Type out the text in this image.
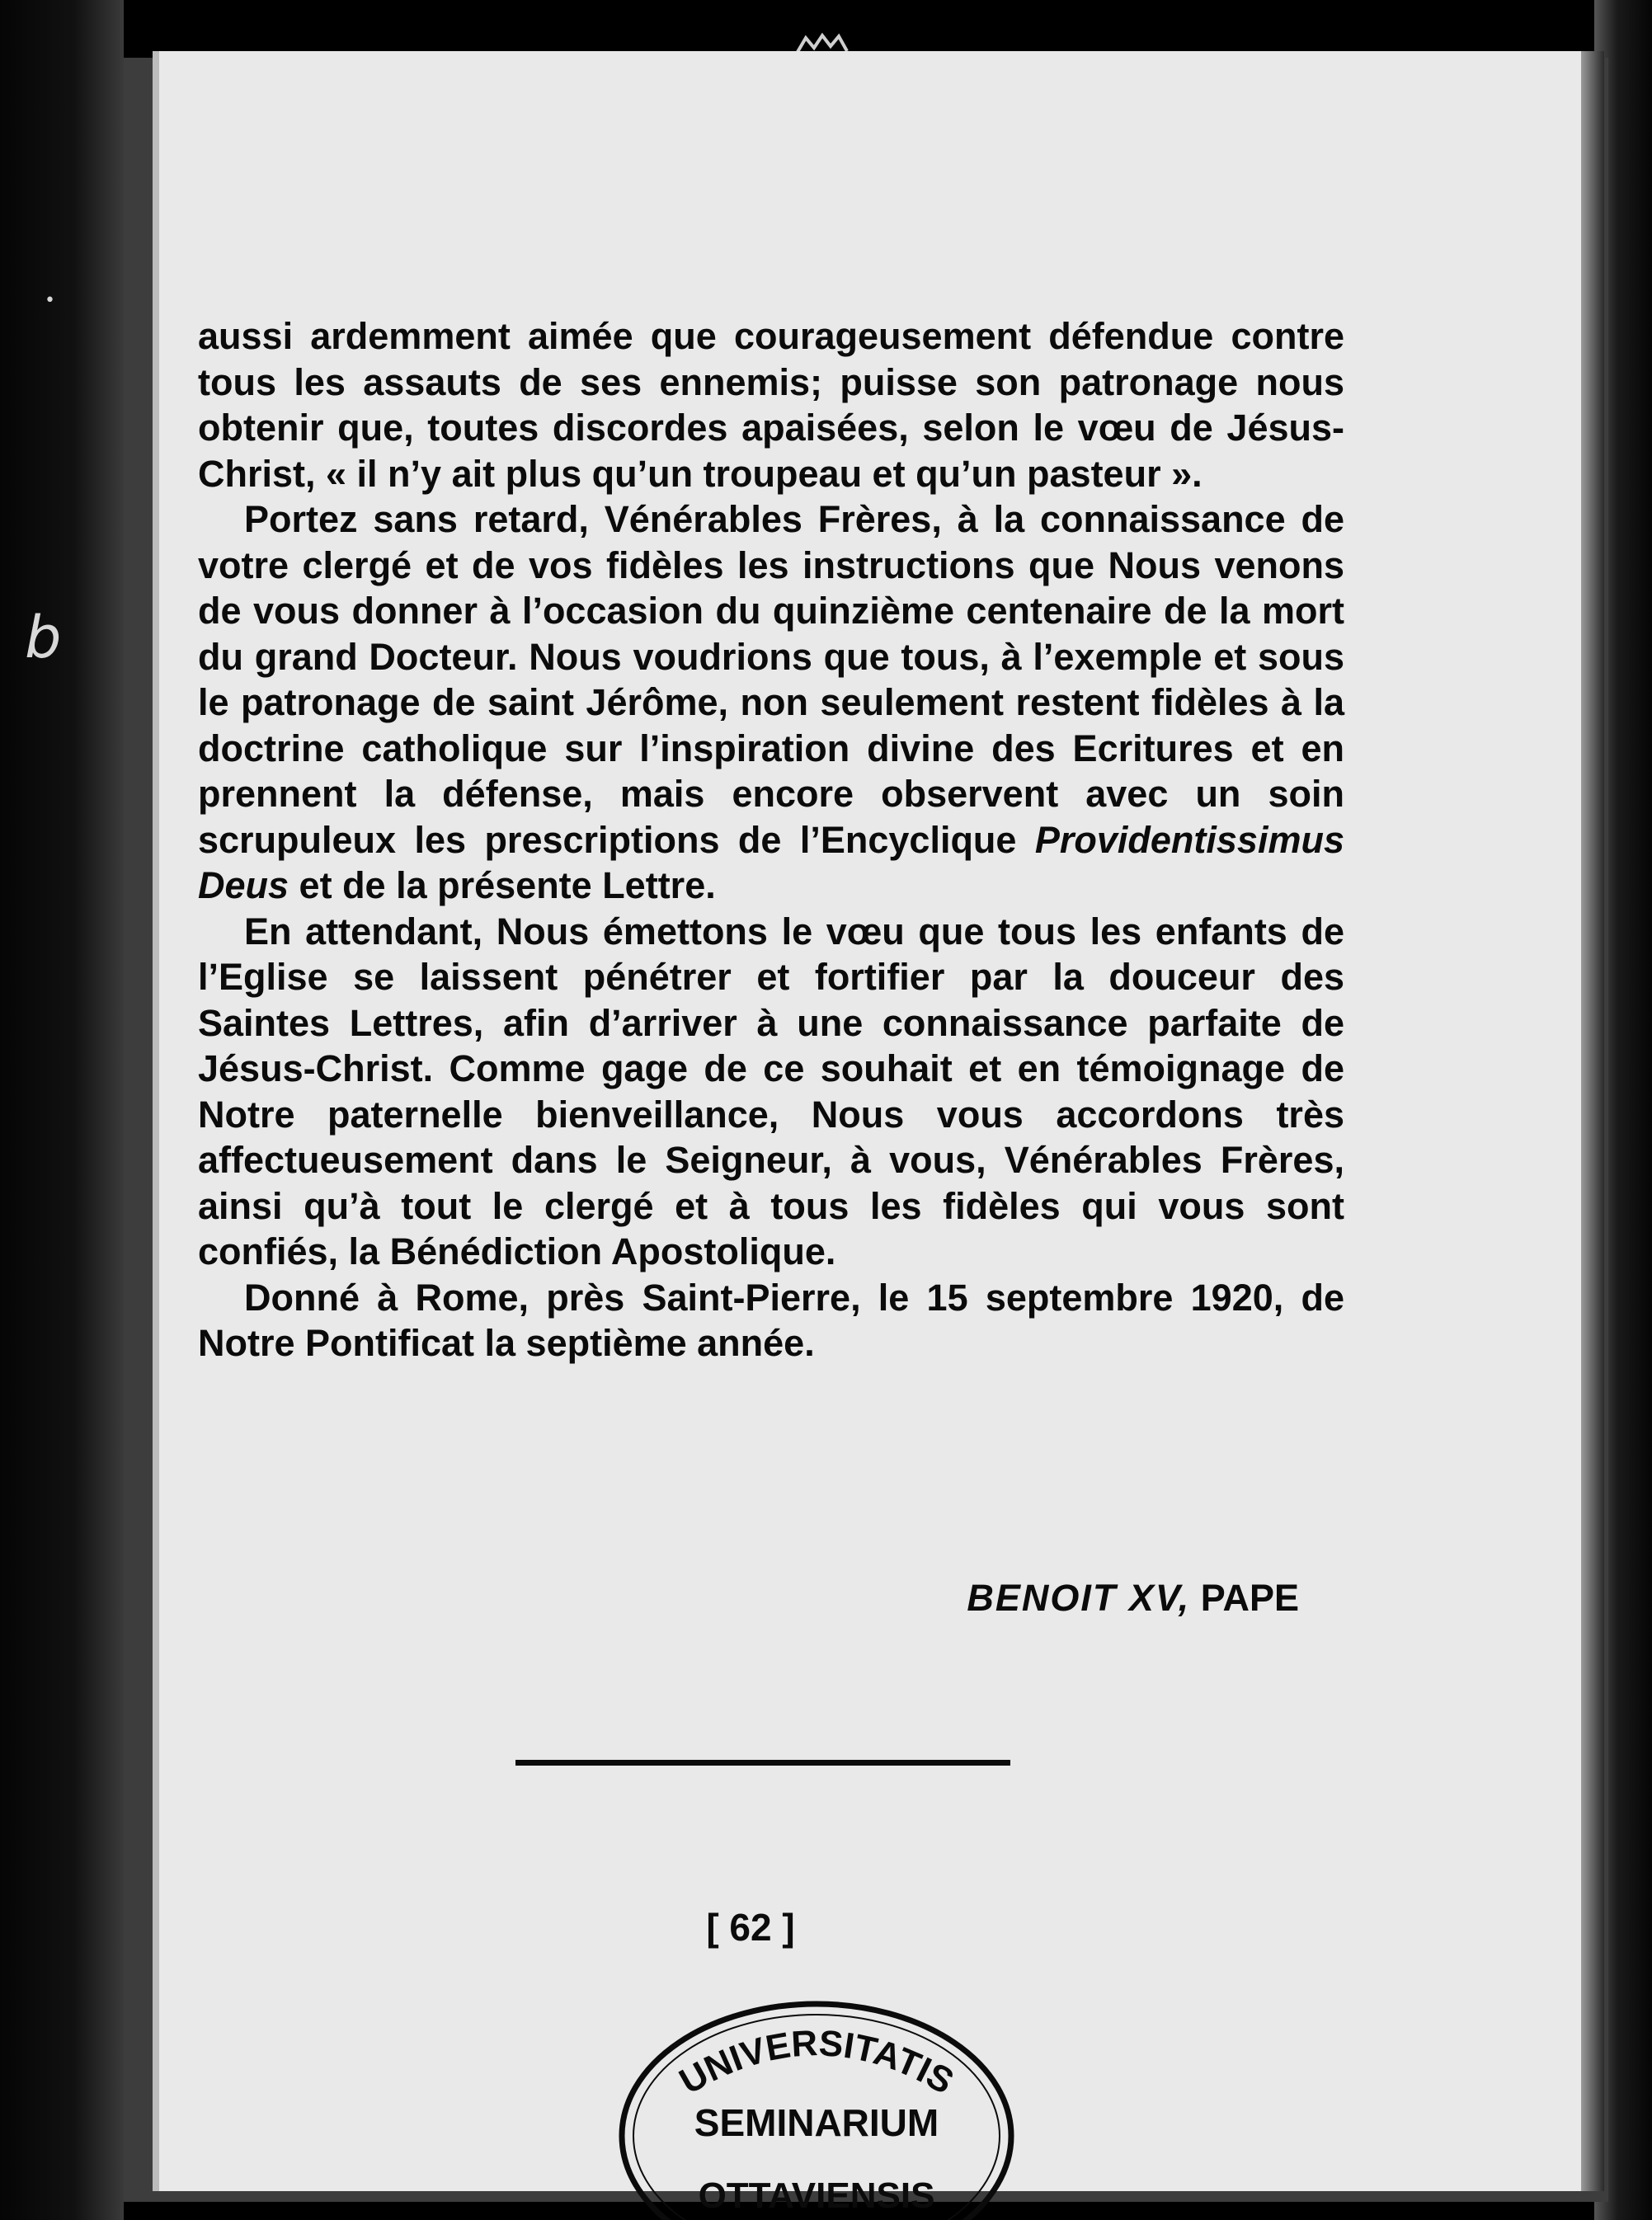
•
b

aussi ardemment aimée que courageusement défendue contre tous les assauts de ses ennemis; puisse son patronage nous obtenir que, toutes discordes apaisées, selon le vœu de Jésus-Christ, « il n’y ait plus qu’un troupeau et qu’un pasteur ».

Portez sans retard, Vénérables Frères, à la connaissance de votre clergé et de vos fidèles les instructions que Nous venons de vous donner à l’occasion du quinzième centenaire de la mort du grand Docteur. Nous voudrions que tous, à l’exemple et sous le patronage de saint Jérôme, non seulement restent fidèles à la doctrine catholique sur l’inspiration divine des Ecritures et en prennent la défense, mais encore observent avec un soin scrupuleux les prescriptions de l’Encyclique Providentissimus Deus et de la présente Lettre.

En attendant, Nous émettons le vœu que tous les enfants de l’Eglise se laissent pénétrer et fortifier par la douceur des Saintes Lettres, afin d’arriver à une connaissance parfaite de Jésus-Christ. Comme gage de ce souhait et en témoignage de Notre paternelle bienveillance, Nous vous accordons très affectueusement dans le Seigneur, à vous, Vénérables Frères, ainsi qu’à tout le clergé et à tous les fidèles qui vous sont confiés, la Bénédiction Apostolique.

Donné à Rome, près Saint-Pierre, le 15 septembre 1920, de Notre Pontificat la septième année.

BENOIT XV, PAPE
[ 62 ]
UNIVERSITATIS
SEMINARIUM
OTTAVIENSIS
